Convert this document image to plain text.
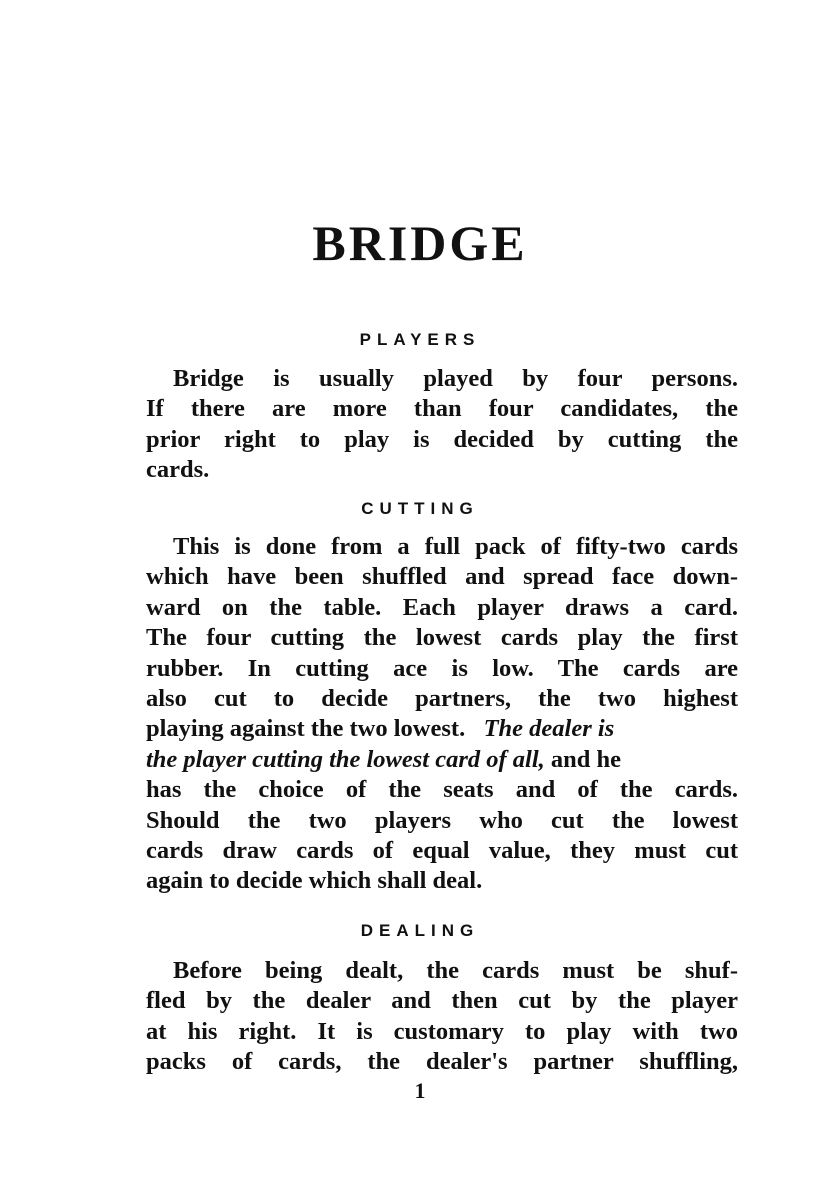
BRIDGE
PLAYERS
Bridge is usually played by four persons.
If there are more than four candidates, the
prior right to play is decided by cutting the
cards.
CUTTING
This is done from a full pack of fifty-two cards
which have been shuffled and spread face down-
ward on the table. Each player draws a card.
The four cutting the lowest cards play the first
rubber. In cutting ace is low. The cards are
also cut to decide partners, the two highest
playing against the two lowest. The dealer is
the player cutting the lowest card of all, and he
has the choice of the seats and of the cards.
Should the two players who cut the lowest
cards draw cards of equal value, they must cut
again to decide which shall deal.
DEALING
Before being dealt, the cards must be shuf-
fled by the dealer and then cut by the player
at his right. It is customary to play with two
packs of cards, the dealer's partner shuffling,
1
